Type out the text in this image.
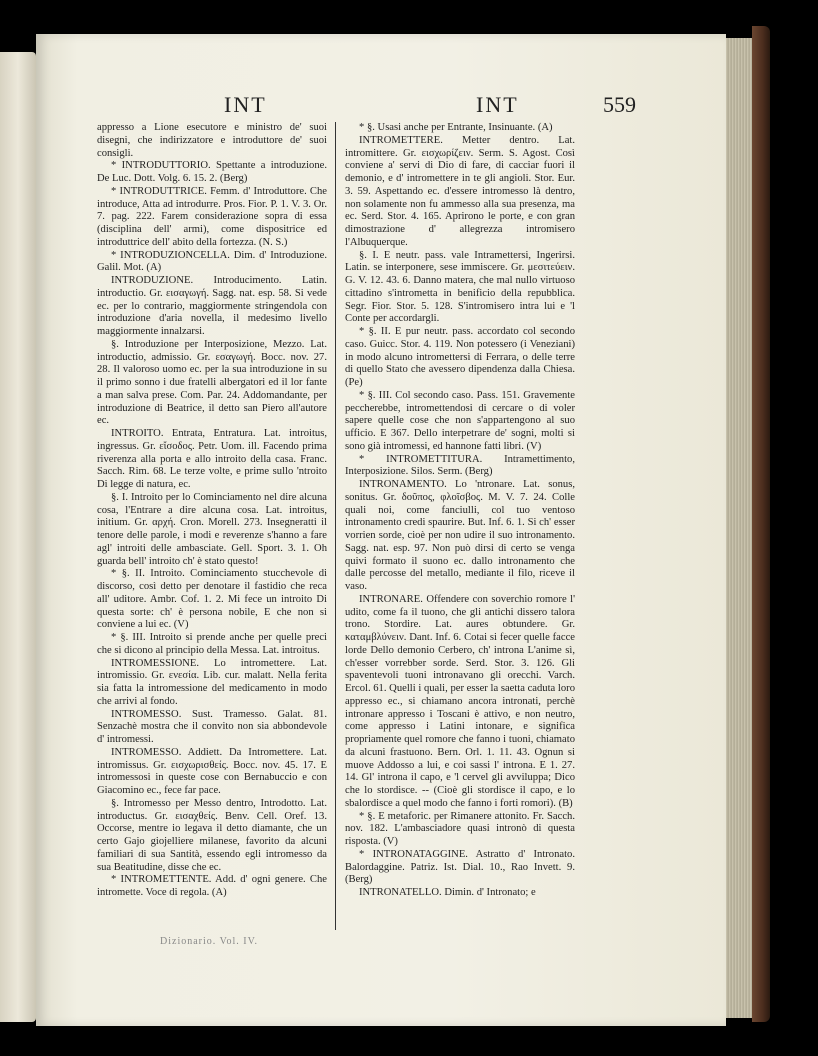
INT	INT	559

appresso a Lione esecutore e ministro de' suoi disegni, che indirizzatore e introduttore de' suoi consigli.

* INTRODUTTORIO. Spettante a introduzione. De Luc. Dott. Volg. 6. 15. 2. (Berg)

* INTRODUTTRICE. Femm. d' Introduttore. Che introduce, Atta ad introdurre. Pros. Fior. P. 1. V. 3. Or. 7. pag. 222. Farem considerazione sopra di essa (disciplina dell' armi), come dispositrice ed introduttrice dell' abito della fortezza. (N. S.)

* INTRODUZIONCELLA. Dim. d' Introduzione. Galil. Mot. (A)

INTRODUZIONE. Introducimento. Latin. introductio. Gr. εισαγωγή. Sagg. nat. esp. 58. Si vede ec. per lo contrario, maggiormente stringendola con introduzione d'aria novella, il medesimo livello maggiormente innalzarsi.

§. Introduzione per Interposizione, Mezzo. Lat. introductio, admissio. Gr. εσαγωγή. Bocc. nov. 27. 28. Il valoroso uomo ec. per la sua introduzione in su il primo sonno i due fratelli albergatori ed il lor fante a man salva prese. Com. Par. 24. Addomandante, per introduzione di Beatrice, il detto san Piero all'autore ec.

INTROITO. Entrata, Entratura. Lat. introitus, ingressus. Gr. εἴσοδος. Petr. Uom. ill. Facendo prima riverenza alla porta e allo introito della casa. Franc. Sacch. Rim. 68. Le terze volte, e prime sullo 'ntroito Di legge di natura, ec.

§. I. Introito per lo Cominciamento nel dire alcuna cosa, l'Entrare a dire alcuna cosa. Lat. introitus, initium. Gr. αρχή. Cron. Morell. 273. Insegneratti il tenore delle parole, i modi e reverenze s'hanno a fare agl' introiti delle ambasciate. Gell. Sport. 3. 1. Oh guarda bell' introito ch' è stato questo!

* §. II. Introito. Cominciamento stucchevole di discorso, così detto per denotare il fastidio che reca all' uditore. Ambr. Cof. 1. 2. Mi fece un introito Di questa sorte: ch' è persona nobile, E che non si conviene a lui ec. (V)

* §. III. Introito si prende anche per quelle preci che si dicono al principio della Messa. Lat. introitus.

INTROMESSIONE. Lo intromettere. Lat. intromissio. Gr. ενεσία. Lib. cur. malatt. Nella ferita sia fatta la intromessione del medicamento in modo che arrivi al fondo.

INTROMESSO. Sust. Tramesso. Galat. 81. Senzachè mostra che il convito non sia abbondevole d' intromessi.

INTROMESSO. Addiett. Da Intromettere. Lat. intromissus. Gr. εισχωρισθείς. Bocc. nov. 45. 17. E intromessosi in queste cose con Bernabuccio e con Giacomino ec., fece far pace.

§. Intromesso per Messo dentro, Introdotto. Lat. introductus. Gr. εισαχθείς. Benv. Cell. Oref. 13. Occorse, mentre io legava il detto diamante, che un certo Gajo giojelliere milanese, favorito da alcuni familiari di sua Santità, essendo egli intromesso da sua Beatitudine, disse che ec.

* INTROMETTENTE. Add. d' ogni genere. Che intromette. Voce di regola. (A)

* §. Usasi anche per Entrante, Insinuante. (A)

INTROMETTERE. Metter dentro. Lat. intromittere. Gr. εισχωρίζειν. Serm. S. Agost. Così conviene a' servi di Dio di fare, di cacciar fuori il demonio, e d' intromettere in te gli angioli. Stor. Eur. 3. 59. Aspettando ec. d'essere intromesso là dentro, non solamente non fu ammesso alla sua presenza, ma ec. Serd. Stor. 4. 165. Aprirono le porte, e con gran dimostrazione d' allegrezza intromisero l'Albuquerque.

§. I. E neutr. pass. vale Intramettersi, Ingerirsi. Latin. se interponere, sese immiscere. Gr. μεσιτεύειν. G. V. 12. 43. 6. Danno matera, che mal nullo virtuoso cittadino s'intrometta in benificio della repubblica. Segr. Fior. Stor. 5. 128. S'intromisero intra lui e 'l Conte per accordargli.

* §. II. E pur neutr. pass. accordato col secondo caso. Guicc. Stor. 4. 119. Non potessero (i Veneziani) in modo alcuno intromettersi di Ferrara, o delle terre di quello Stato che avessero dipendenza dalla Chiesa. (Pe)

* §. III. Col secondo caso. Pass. 151. Gravemente peccherebbe, intromettendosi di cercare o di voler sapere quelle cose che non s'appartengono al suo ufficio. E 367. Dello interpetrare de' sogni, molti si sono già intromessi, ed hannone fatti libri. (V)

* INTROMETTITURA. Intramettimento, Interposizione. Silos. Serm. (Berg)

INTRONAMENTO. Lo 'ntronare. Lat. sonus, sonitus. Gr. δοῦπος, φλοῖσβος. M. V. 7. 24. Colle quali noi, come fanciulli, col tuo ventoso intronamento credi spaurire. But. Inf. 6. 1. Si ch' esser vorrien sorde, cioè per non udire il suo intronamento. Sagg. nat. esp. 97. Non può dirsi di certo se venga quivi formato il suono ec. dallo intronamento che dalle percosse del metallo, mediante il filo, riceve il vaso.

INTRONARE. Offendere con soverchio romore l' udito, come fa il tuono, che gli antichi dissero talora trono. Stordire. Lat. aures obtundere. Gr. καταμβλύνειν. Dant. Inf. 6. Cotai si fecer quelle facce lorde Dello demonio Cerbero, ch' introna L'anime sì, ch'esser vorrebber sorde. Serd. Stor. 3. 126. Gli spaventevoli tuoni intronavano gli orecchi. Varch. Ercol. 61. Quelli i quali, per esser la saetta caduta loro appresso ec., si chiamano ancora intronati, perchè intronare appresso i Toscani è attivo, e non neutro, come appresso i Latini intonare, e significa propriamente quel romore che fanno i tuoni, chiamato da alcuni frastuono. Bern. Orl. 1. 11. 43. Ognun si muove Addosso a lui, e coi sassi l' introna. E 1. 27. 14. Gl' introna il capo, e 'l cervel gli avviluppa; Dico che lo stordisce. -- (Cioè gli stordisce il capo, e lo sbalordisce a quel modo che fanno i forti romori). (B)

* §. E metaforic. per Rimanere attonito. Fr. Sacch. nov. 182. L'ambasciadore quasi intronò di questa risposta. (V)

* INTRONATAGGINE. Astratto d' Intronato. Balordaggine. Patriz. Ist. Dial. 10., Rao Invett. 9. (Berg)

INTRONATELLO. Dimin. d' Intronato; e

Dizionario. Vol. IV.
